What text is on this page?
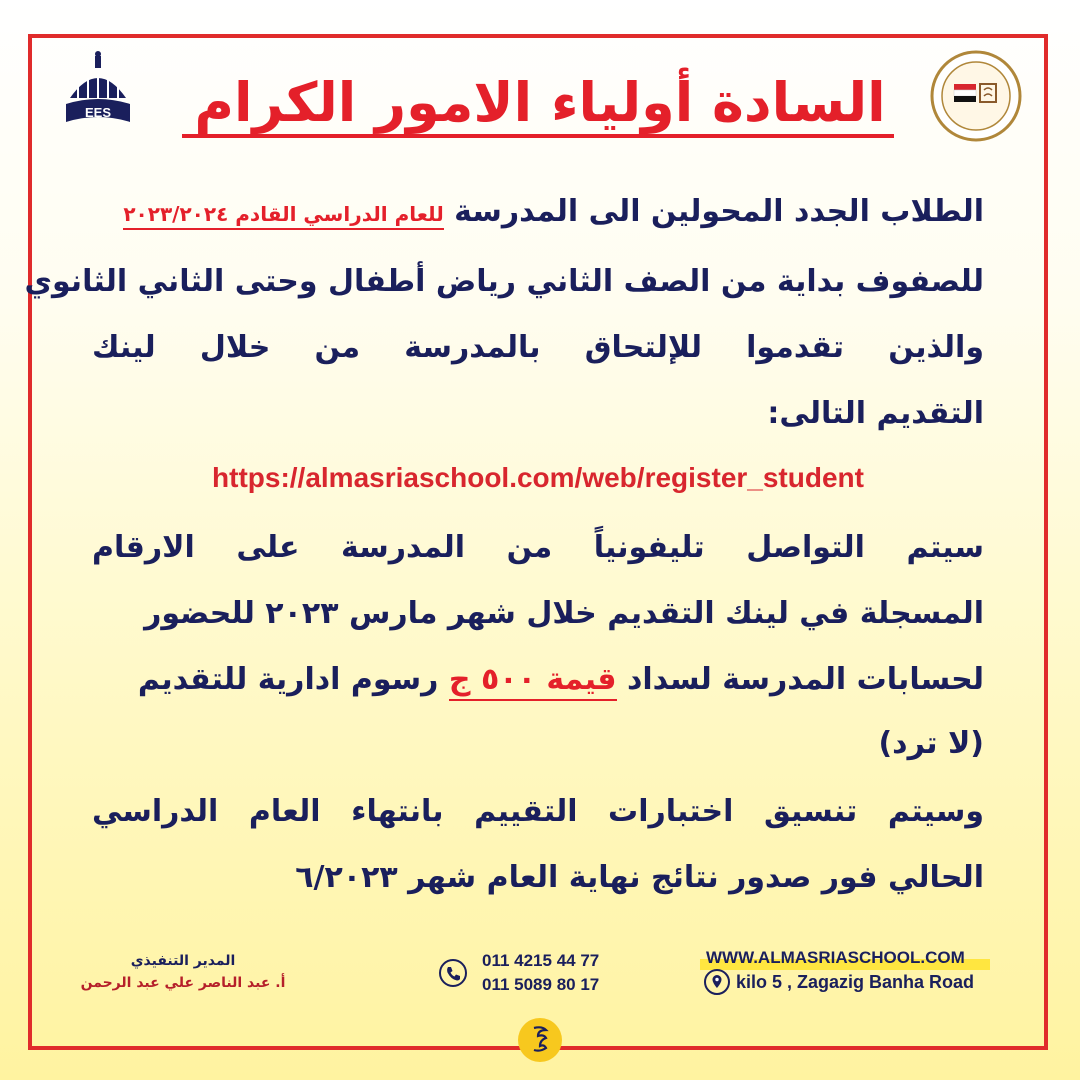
EES السادة أولياء الامور الكرام
الطلاب الجدد المحولين الى المدرسة للعام الدراسي القادم ٢٠٢٣/٢٠٢٤
للصفوف بداية من الصف الثاني رياض أطفال وحتى الثاني الثانوي
والذين تقدموا للإلتحاق بالمدرسة من خلال لينك
التقديم التالى:
https://almasriaschool.com/web/register_student
سيتم التواصل تليفونياً من المدرسة على الارقام
المسجلة في لينك التقديم خلال شهر مارس ٢٠٢٣ للحضور
لحسابات المدرسة لسداد قيمة ٥٠٠ ج رسوم ادارية للتقديم
(لا ترد)
وسيتم تنسيق اختبارات التقييم بانتهاء العام الدراسي
الحالي فور صدور نتائج نهاية العام شهر ٦/٢٠٢٣
WWW.ALMASRIASCHOOL.COM
kilo 5 , Zagazig Banha Road
011 4215 44 77
011 5089 80 17
المدير التنفيذي
أ. عبد الناصر علي عبد الرحمن
